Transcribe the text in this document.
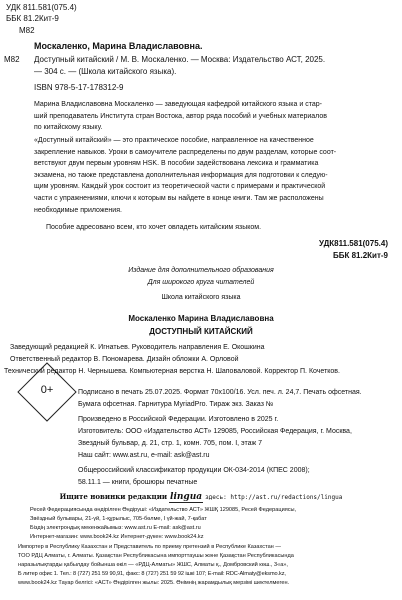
УДК 811.581(075.4)
ББК 81.2Кит-9
М82
Москаленко, Марина Владиславовна.
М82 Доступный китайский / М. В. Москаленко. — Москва: Издательство АСТ, 2025.
— 304 с. — (Школа китайского языка).
ISBN 978-5-17-178312-9
Марина Владиславовна Москаленко — заведующая кафедрой китайского языка и стар-
ший преподаватель Института стран Востока, автор ряда пособий и учебных материалов
по китайскому языку.
«Доступный китайский» — это практическое пособие, направленное на качественное
закрепление навыков. Уроки в самоучителе распределены по двум разделам, которые соот-
ветствуют двум первым уровням HSK. В пособии задействована лексика и грамматика
экзамена, но также представлена дополнительная информация для подготовки к следую-
щим уровням. Каждый урок состоит из теоретической части с примерами и практической
части с упражнениями, ключи к которым вы найдете в конце книги. Там же расположены
необходимые приложения.
Пособие адресовано всем, кто хочет овладеть китайским языком.
УДК811.581(075.4)
ББК 81.2Кит-9
0+
Издание для дополнительного образования
Для широкого круга читателей
Школа китайского языка
Москаленко Марина Владиславовна
ДОСТУПНЫЙ КИТАЙСКИЙ
Заведующий редакцией К. Игнатьев. Руководитель направления Е. Окошкина
Ответственный редактор В. Пономарева. Дизайн обложки А. Орловой
Технический редактор Н. Чернышева. Компьютерная верстка Н. Шаповаловой. Корректор П. Кочетков.
Подписано в печать 25.07.2025. Формат 70х100/16. Усл. печ. л. 24,7. Печать офсетная.
Бумага офсетная. Гарнитура MyriadPro. Тираж экз. Заказ №
Произведено в Российской Федерации. Изготовлено в 2025 г.
Изготовитель: ООО «Издательство АСТ» 129085, Российская Федерация, г. Москва,
Звездный бульвар, д. 21, стр. 1, комн. 705, пом. I, этаж 7
Наш сайт: www.ast.ru, e-mail: ask@ast.ru
Общероссийский классификатор продукции ОК-034-2014 (КПЕС 2008);
58.11.1 — книги, брошюры печатные
Ищите новинки редакции lingua здесь: http://ast.ru/redactions/lingua
Ресей Федерациясында өндірілген Өндіруші: «Издательство АСТ» ЖШҚ 129085, Ресей Федерациясы,
Звёздный бульвары, 21-үй, 1-құрылыс, 705-бөлме, I үй-жай, 7-қабат
Біздің электрондық мекенжайымыз: www.ast.ru E-mail: ask@ast.ru
Интернет-магазин: www.book24.kz Интернет-дүкен: www.book24.kz
Импортер в Республику Казахстан и Представитель по приему претензий в Республике Казахстан —
ТОО РДЦ Алматы, г. Алматы. Қазақстан Республикасына импорттаушы және Қазақстан Республикасында
наразылықтарды қабылдау бойынша өкіл — «РДЦ-Алматы» ЖШС, Алматы қ., Домбровский көш., 3«а»,
Б литер офис 1. Тел.: 8 (727) 251 59 90,91, факс: 8 (727) 251 59 92 ішкі 107; E-mail: RDC-Almaty@eksmo.kz,
www.book24.kz Тауар белгісі: «АСТ» Өндірілген жылы: 2025. Өнімнің жарамдылық мерзімі шектелмеген.
